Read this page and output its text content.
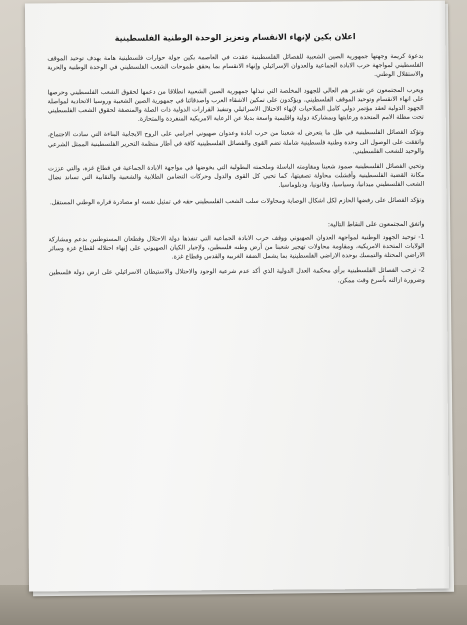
اعلان بكين لإنهاء الانقسام وتعزيز الوحدة الوطنية الفلسطينية

بدعوة كريمة وجهتها جمهورية الصين الشعبية للفصائل الفلسطينية عقدت في العاصمة بكين جولة حوارات فلسطينية هامة بهدف توحيد الموقف الفلسطيني لمواجهة حرب الابادة الجماعية والعدوان الإسرائيلي وإنهاء الانقسام بما يحقق طموحات الشعب الفلسطيني في الوحدة الوطنية والحرية والاستقلال الوطني.

ويعرب المجتمعون عن تقدير هم العالي للجهود المخلصة التي تبذلها جمهورية الصين الشعبية انطلاقا من دعمها لحقوق الشعب الفلسطيني وحرصها على انهاء الانقسام وتوحيد الموقف الفلسطيني. ويؤكدون على تمكين الاشقاء العرب واصدقائنا في جمهورية الصين الشعبية وروسيا الاتحادية لمواصلة الجهود الدولية لعقد مؤتمر دولي كامل الصلاحيات لإنهاء الاحتلال الاسرائيلي وتنفيذ القرارات الدولية ذات الصلة والمنصفة لحقوق الشعب الفلسطيني تحت مظلة الامم المتحدة ورعايتها وبمشاركة دولية واقليمية واسعة بديلا عن الرعاية الامريكية المنفردة والمتحازة.

وتؤكد الفصائل الفلسطينية في ظل ما يتعرض له شعبنا من حرب ابادة وعدوان صهيوني اجرامي على الروح الايجابية البناءة التي سادت الاجتماع، واتفقت على الوصول الى وحدة وطنية فلسطينية شاملة تضم القوى والفصائل الفلسطينية كافة في أطار منظمة التحرير الفلسطينية الممثل الشرعي والوحيد للشعب الفلسطيني.

وتحيي الفصائل الفلسطينية صمود شعبنا ومقاومته الباسلة وملحمته البطولية التي يخوضها في مواجهة الابادة الجماعية في قطاع غزة، والتي عززت مكانة القضية الفلسطينية وأفشلت محاولة تصفيتها، كما تحيي كل القوى والدول وحركات التضامن الطلابية والشعبية والنقابية التي تساند نضال الشعب الفلسطيني ميدانيا، وسياسيا، وقانونيا، ودبلوماسيا.

وتؤكد الفصائل على رفضها الحازم لكل اشكال الوصاية ومحاولات سلب الشعب الفلسطيني حقه في تمثيل نفسه او مصادرة قراره الوطني المستقل.

واتفق المجتمعون على النقاط التالية:

1- توحيد الجهود الوطنية لمواجهة العدوان الصهيوني ووقف حرب الابادة الجماعية التي تنفذها دولة الاحتلال وقطعان المستوطنين بدعم ومشاركة الولايات المتحدة الامريكية، ومقاومة محاولات تهجير شعبنا من أرض وطنه فلسطين، ولإجبار الكيان الصهيوني على إنهاء احتلاله لقطاع غزة وسائر الاراضي المحتلة والتمسك بوحدة الاراضي الفلسطينية بما يشمل الضفة الغربية والقدس وقطاع غزة.

2- ترحب الفصائل الفلسطينية برأي محكمة العدل الدولية الذي أكد عدم شرعية الوجود والاحتلال والاستيطان الاسرائيلي على ارض دولة فلسطين وضرورة ازالته بأسرع وقت ممكن.
